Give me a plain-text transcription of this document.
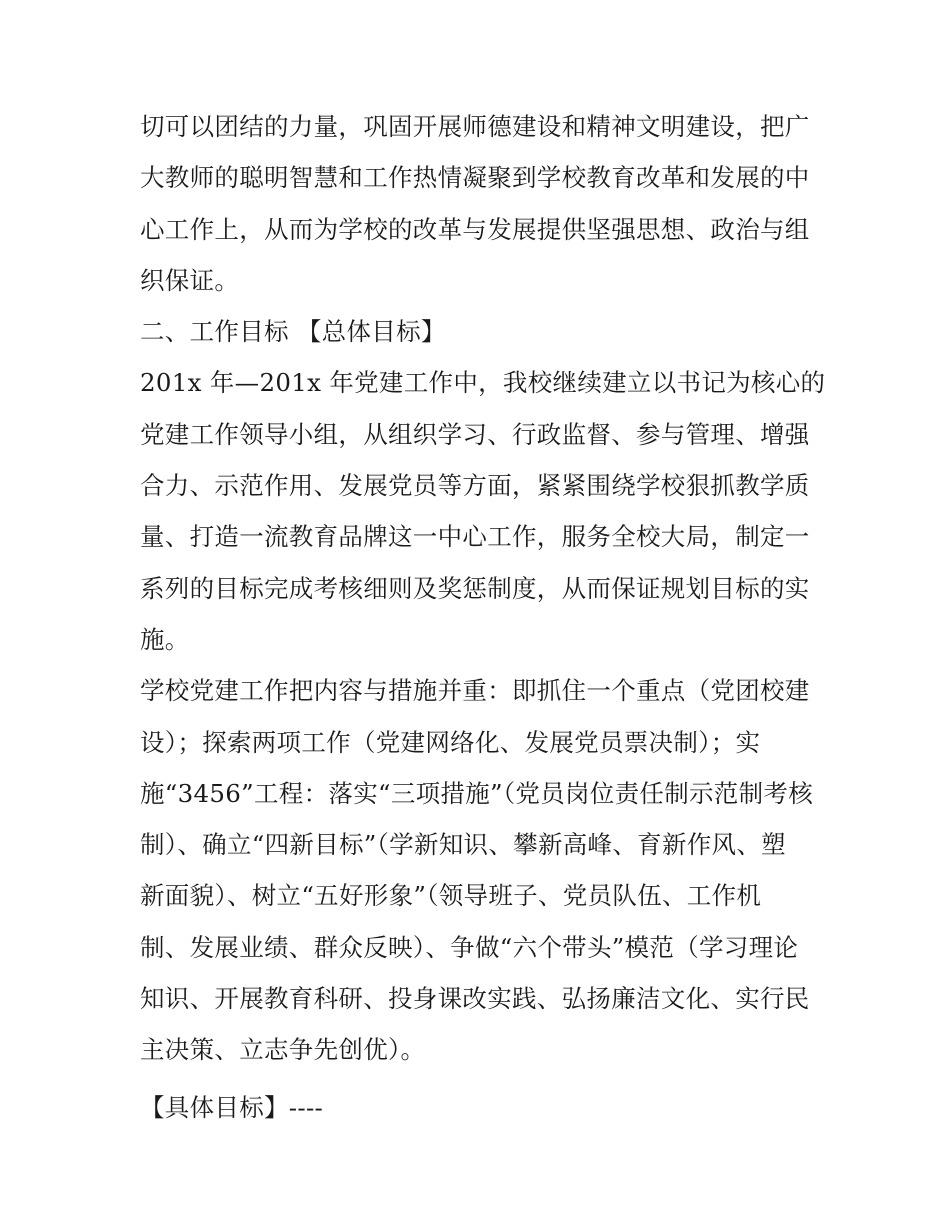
切可以团结的力量，巩固开展师德建设和精神文明建设，把广
大教师的聪明智慧和工作热情凝聚到学校教育改革和发展的中
心工作上，从而为学校的改革与发展提供坚强思想、政治与组
织保证。
二、工作目标 【总体目标】
201x 年—201x 年党建工作中，我校继续建立以书记为核心的
党建工作领导小组，从组织学习、行政监督、参与管理、增强
合力、示范作用、发展党员等方面，紧紧围绕学校狠抓教学质
量、打造一流教育品牌这一中心工作，服务全校大局，制定一
系列的目标完成考核细则及奖惩制度，从而保证规划目标的实
施。
学校党建工作把内容与措施并重：即抓住一个重点（党团校建
设）；探索两项工作（党建网络化、发展党员票决制）；实
施“3456”工程：落实“三项措施”（党员岗位责任制示范制考核
制）、确立“四新目标”（学新知识、攀新高峰、育新作风、塑
新面貌）、树立“五好形象”（领导班子、党员队伍、工作机
制、发展业绩、群众反映）、争做“六个带头”模范（学习理论
知识、开展教育科研、投身课改实践、弘扬廉洁文化、实行民
主决策、立志争先创优）。
【具体目标】----
